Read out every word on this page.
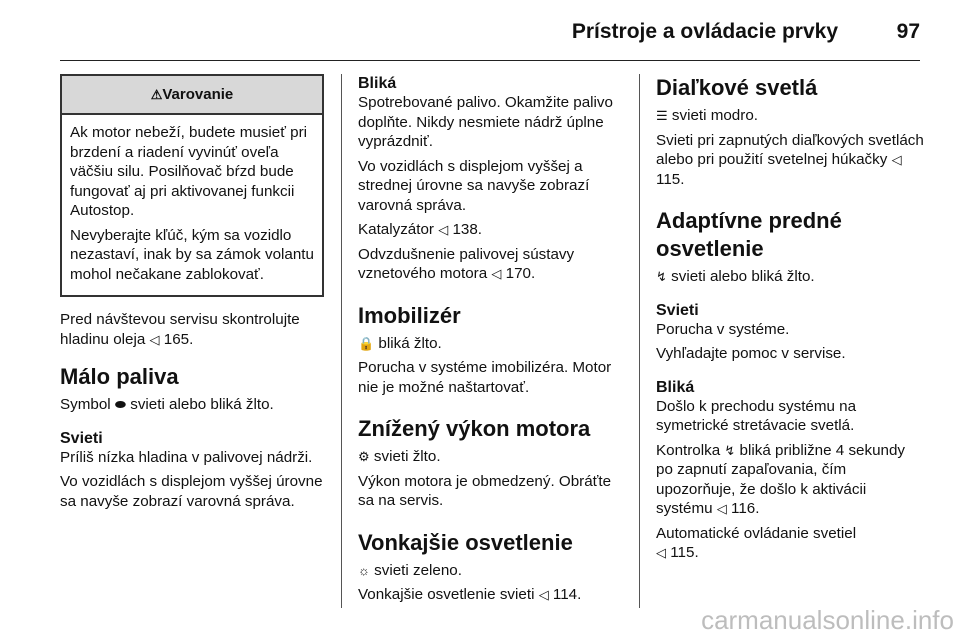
Prístroje a ovládacie prvky	97
⚠Varovanie

Ak motor nebeží, budete musieť pri brzdení a riadení vyvinúť oveľa väčšiu silu. Posilňovač bŕzd bude fungovať aj pri aktivovanej funkcii Autostop.

Nevyberajte kľúč, kým sa vozidlo nezastaví, inak by sa zámok volantu mohol nečakane zablokovať.

Pred návštevou servisu skontrolujte hladinu oleja ◁ 165.

Málo paliva

Symbol ⬬ svieti alebo bliká žlto.

Svieti

Príliš nízka hladina v palivovej nádrži.

Vo vozidlách s displejom vyššej úrovne sa navyše zobrazí varovná správa.

Bliká

Spotrebované palivo. Okamžite palivo doplňte. Nikdy nesmiete nádrž úplne vyprázdniť.

Vo vozidlách s displejom vyššej a strednej úrovne sa navyše zobrazí varovná správa.

Katalyzátor ◁ 138.

Odvzdušnenie palivovej sústavy vznetového motora ◁ 170.

Imobilizér

🔒 bliká žlto.

Porucha v systéme imobilizéra. Motor nie je možné naštartovať.

Znížený výkon motora

⚙ svieti žlto.

Výkon motora je obmedzený. Obráťte sa na servis.

Vonkajšie osvetlenie

☼ svieti zeleno.

Vonkajšie osvetlenie svieti ◁ 114.

Diaľkové svetlá

☰ svieti modro.

Svieti pri zapnutých diaľkových svetlách alebo pri použití svetelnej húkačky ◁ 115.

Adaptívne predné osvetlenie

↯ svieti alebo bliká žlto.

Svieti

Porucha v systéme.

Vyhľadajte pomoc v servise.

Bliká

Došlo k prechodu systému na symetrické stretávacie svetlá.

Kontrolka ↯ bliká približne 4 sekundy po zapnutí zapaľovania, čím upozorňuje, že došlo k aktivácii systému ◁ 116.

Automatické ovládanie svetiel
◁ 115.

carmanualsonline.info
